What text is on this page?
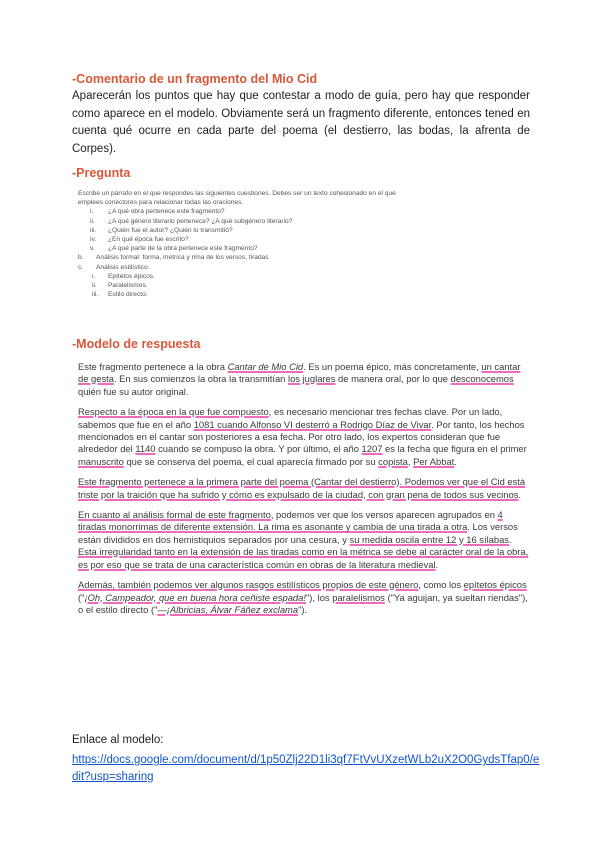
-Comentario de un fragmento del Mio Cid
Aparecerán los puntos que hay que contestar a modo de guía, pero hay que responder como aparece en el modelo. Obviamente será un fragmento diferente, entonces tened en cuenta qué ocurre en cada parte del poema (el destierro, las bodas, la afrenta de Corpes).
-Pregunta

Escribe un párrafo en el que respondes las siguientes cuestiones. Debes ser un texto cohesionado en el que emplees conectores para relacionar todas las oraciones.

i. ¿A qué obra pertenece este fragmento?
ii. ¿A qué género literario pertenece? ¿A qué subgénero literario?
iii. ¿Quién fue el autor? ¿Quién lo transmitió?
iv. ¿En qué época fue escrito?
v. ¿A qué parte de la obra pertenece este fragmento?
b. Análisis formal: forma, métrica y rima de los versos, tiradas
c. Análisis estilístico:
i. Epítetos épicos.
ii. Paralelismos.
iii. Estilo directo.
-Modelo de respuesta

Este fragmento pertenece a la obra Cantar de Mio Cid. Es un poema épico, más concretamente, un cantar de gesta. En sus comienzos la obra la transmitían los juglares de manera oral, por lo que desconocemos quién fue su autor original.

Respecto a la época en la que fue compuesto, es necesario mencionar tres fechas clave. Por un lado, sabemos que fue en el año 1081 cuando Alfonso VI desterró a Rodrigo Díaz de Vivar. Por tanto, los hechos mencionados en el cantar son posteriores a esa fecha. Por otro lado, los expertos consideran que fue alrededor del 1140 cuando se compuso la obra. Y por último, el año 1207 es la fecha que figura en el primer manuscrito que se conserva del poema, el cual aparecía firmado por su copista, Per Abbat.

Este fragmento pertenece a la primera parte del poema (Cantar del destierro). Podemos ver que el Cid está triste por la traición que ha sufrido y cómo es expulsado de la ciudad, con gran pena de todos sus vecinos.

En cuanto al análisis formal de este fragmento, podemos ver que los versos aparecen agrupados en 4 tiradas monorrimas de diferente extensión. La rima es asonante y cambia de una tirada a otra. Los versos están divididos en dos hemistiquios separados por una cesura, y su medida oscila entre 12 y 16 sílabas. Esta irregularidad tanto en la extensión de las tiradas como en la métrica se debe al carácter oral de la obra, es por eso que se trata de una característica común en obras de la literatura medieval.

Además, también podemos ver algunos rasgos estilísticos propios de este género, como los epítetos épicos ("¡Oh, Campeador, que en buena hora ceñiste espada!"), los paralelismos ("Ya aguijan, ya sueltan riendas"), o el estilo directo ("—¡Albricias, Álvar Fáñez exclama").

Enlace al modelo:
https://docs.google.com/document/d/1p50Zlj22D1li3qf7FtVvUXzetWLb2uX2O0GydsTfap0/edit?usp=sharing
